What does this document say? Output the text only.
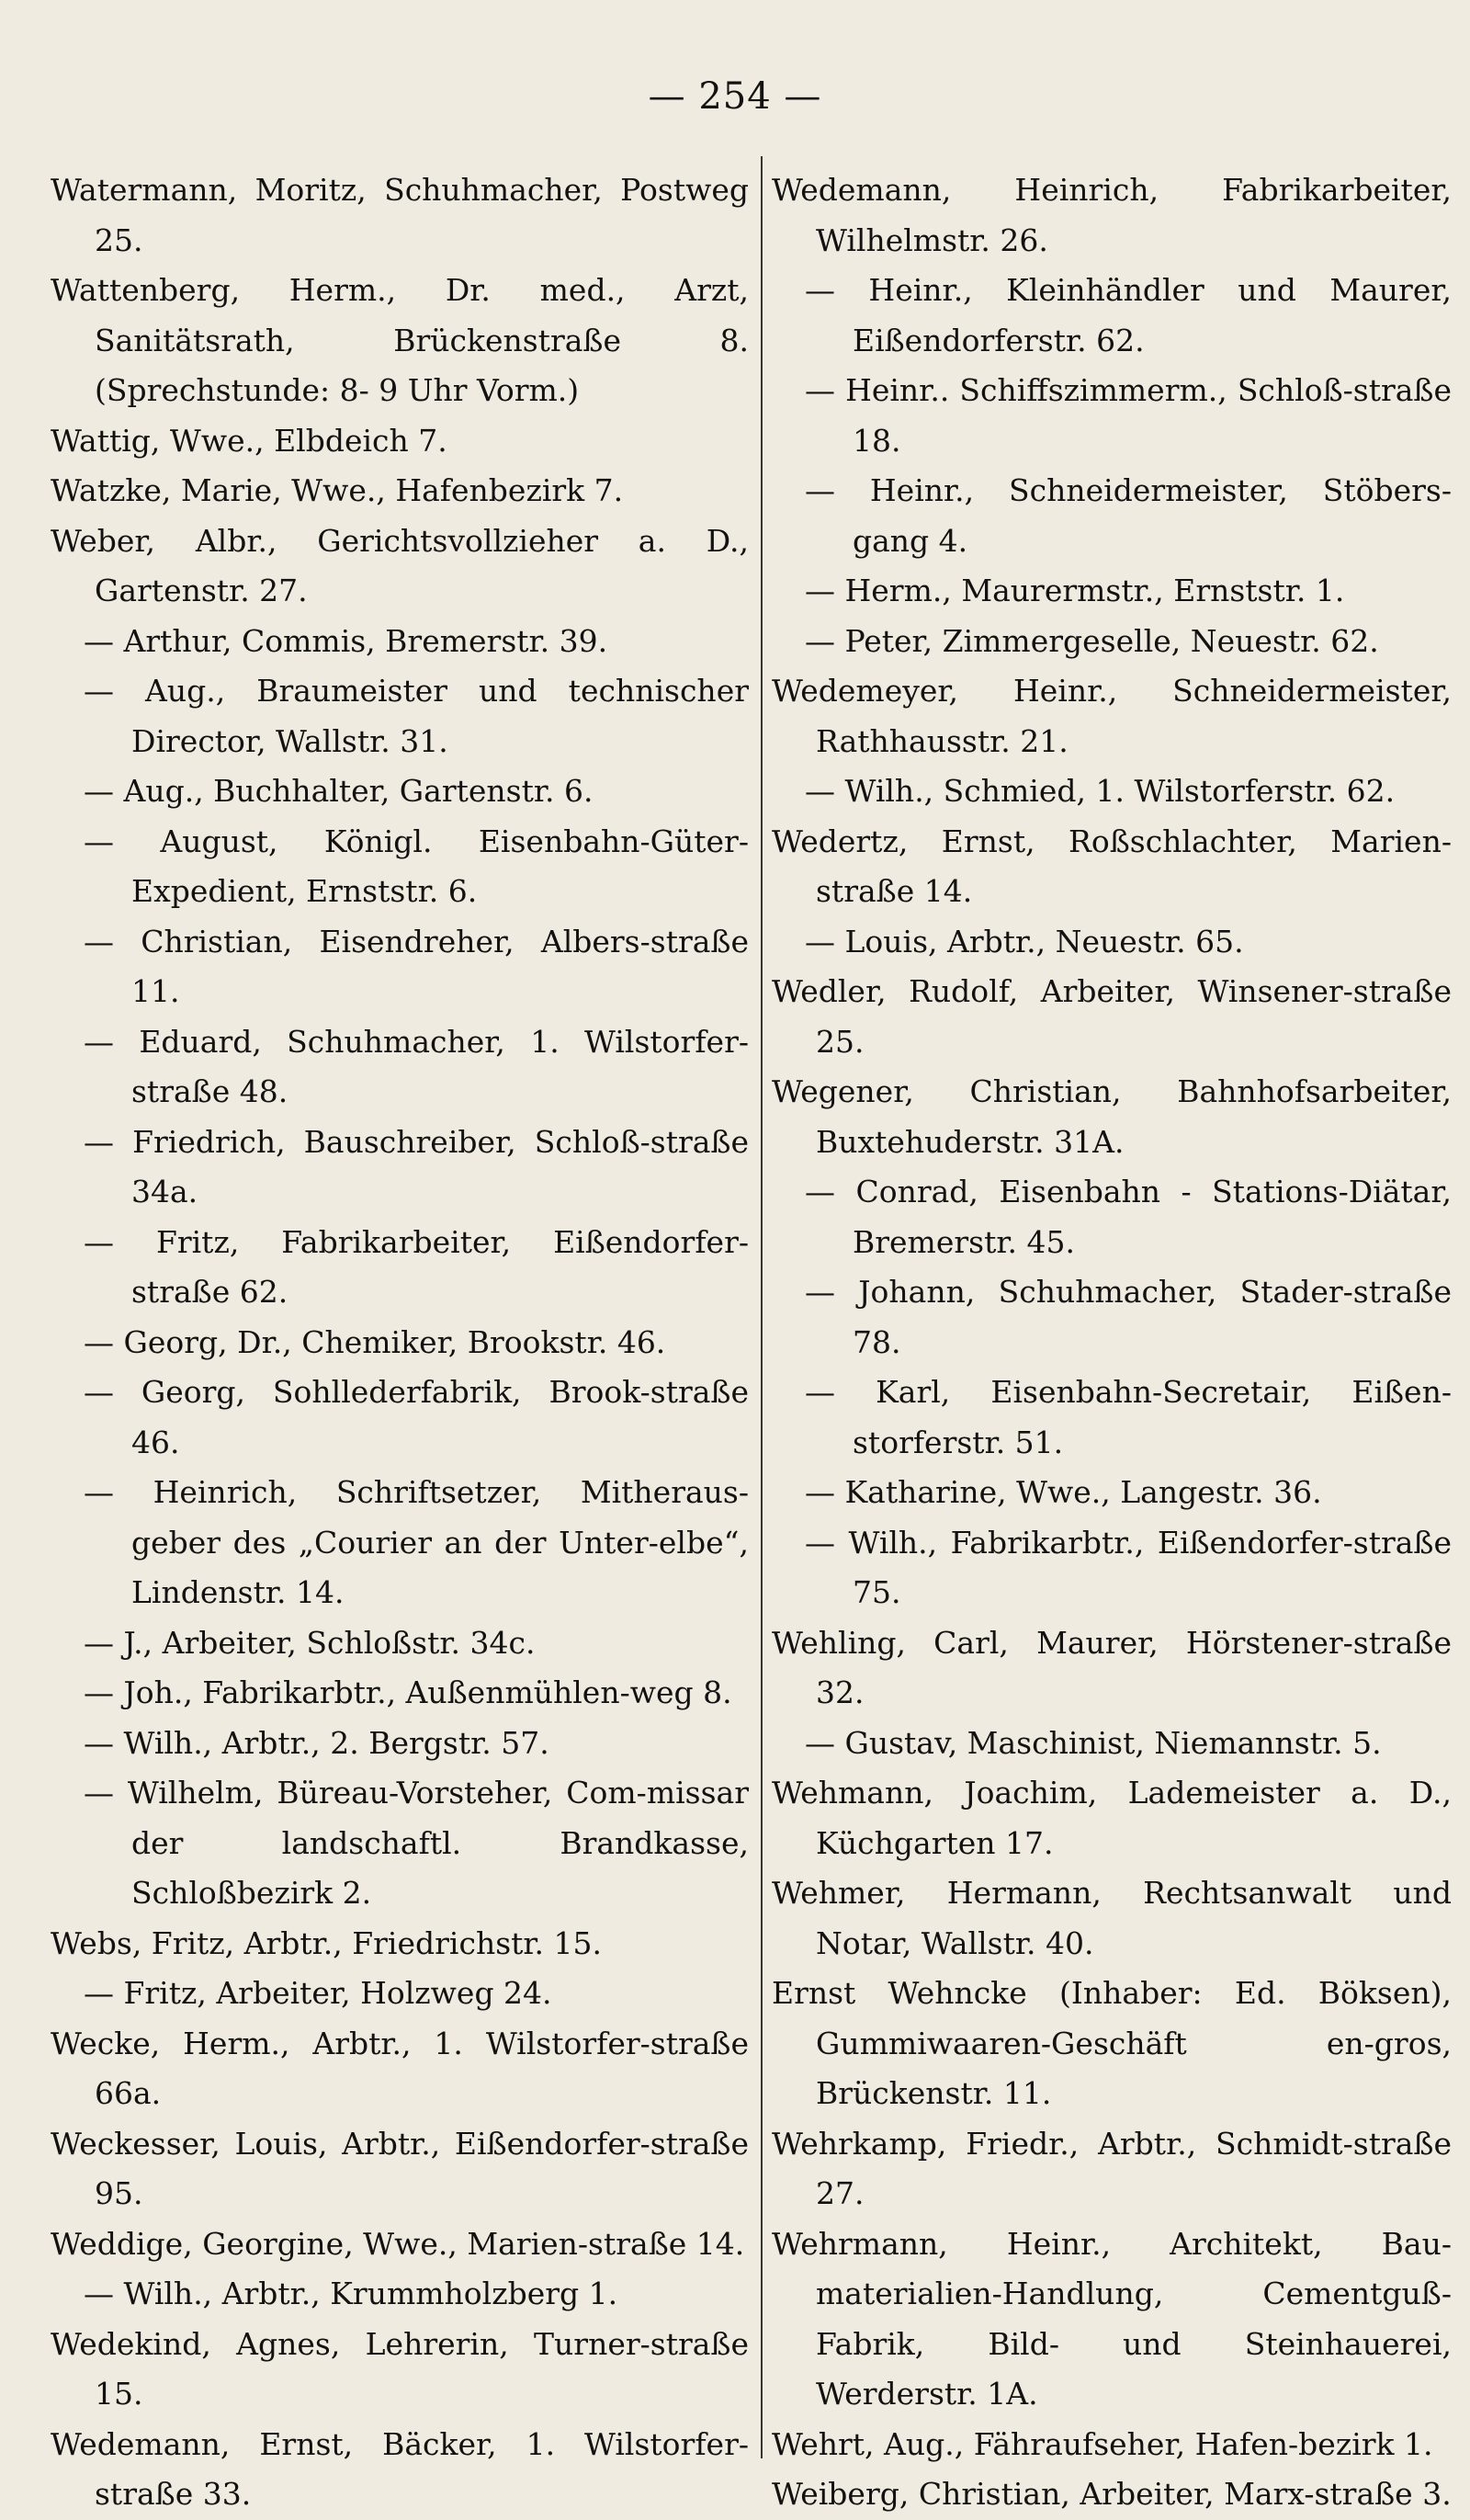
— 254 —
Watermann, Moritz, Schuhmacher, Postweg 25.
Wattenberg, Herm., Dr. med., Arzt, Sanitätsrath, Brückenstraße 8. (Sprechstunde: 8- 9 Uhr Vorm.)
Wattig, Wwe., Elbdeich 7.
Watzke, Marie, Wwe., Hafenbezirk 7.
Weber, Albr., Gerichtsvollzieher a. D., Gartenstr. 27.
— Arthur, Commis, Bremerstr. 39.
— Aug., Braumeister und technischer Director, Wallstr. 31.
— Aug., Buchhalter, Gartenstr. 6.
— August, Königl. Eisenbahn-Güter-Expedient, Ernststr. 6.
— Christian, Eisendreher, Albers-straße 11.
— Eduard, Schuhmacher, 1. Wilstorfer-straße 48.
— Friedrich, Bauschreiber, Schloß-straße 34a.
— Fritz, Fabrikarbeiter, Eißendorfer-straße 62.
— Georg, Dr., Chemiker, Brookstr. 46.
— Georg, Sohllederfabrik, Brook-straße 46.
— Heinrich, Schriftsetzer, Mitheraus-geber des „Courier an der Unter-elbe“, Lindenstr. 14.
— J., Arbeiter, Schloßstr. 34c.
— Joh., Fabrikarbtr., Außenmühlen-weg 8.
— Wilh., Arbtr., 2. Bergstr. 57.
— Wilhelm, Büreau-Vorsteher, Com-missar der landschaftl. Brandkasse, Schloßbezirk 2.
Webs, Fritz, Arbtr., Friedrichstr. 15.
— Fritz, Arbeiter, Holzweg 24.
Wecke, Herm., Arbtr., 1. Wilstorfer-straße 66a.
Weckesser, Louis, Arbtr., Eißendorfer-straße 95.
Weddige, Georgine, Wwe., Marien-straße 14.
— Wilh., Arbtr., Krummholzberg 1.
Wedekind, Agnes, Lehrerin, Turner-straße 15.
Wedemann, Ernst, Bäcker, 1. Wilstorfer-straße 33.
Wedemann, Heinrich, Fabrikarbeiter, Wilhelmstr. 26.
— Heinr., Kleinhändler und Maurer, Eißendorferstr. 62.
— Heinr.. Schiffszimmerm., Schloß-straße 18.
— Heinr., Schneidermeister, Stöbers-gang 4.
— Herm., Maurermstr., Ernststr. 1.
— Peter, Zimmergeselle, Neuestr. 62.
Wedemeyer, Heinr., Schneidermeister, Rathhausstr. 21.
— Wilh., Schmied, 1. Wilstorferstr. 62.
Wedertz, Ernst, Roßschlachter, Marien-straße 14.
— Louis, Arbtr., Neuestr. 65.
Wedler, Rudolf, Arbeiter, Winsener-straße 25.
Wegener, Christian, Bahnhofsarbeiter, Buxtehuderstr. 31A.
— Conrad, Eisenbahn - Stations-Diätar, Bremerstr. 45.
— Johann, Schuhmacher, Stader-straße 78.
— Karl, Eisenbahn-Secretair, Eißen-storferstr. 51.
— Katharine, Wwe., Langestr. 36.
— Wilh., Fabrikarbtr., Eißendorfer-straße 75.
Wehling, Carl, Maurer, Hörstener-straße 32.
— Gustav, Maschinist, Niemannstr. 5.
Wehmann, Joachim, Lademeister a. D., Küchgarten 17.
Wehmer, Hermann, Rechtsanwalt und Notar, Wallstr. 40.
Ernst Wehncke (Inhaber: Ed. Böksen), Gummiwaaren-Geschäft en-gros, Brückenstr. 11.
Wehrkamp, Friedr., Arbtr., Schmidt-straße 27.
Wehrmann, Heinr., Architekt, Bau-materialien-Handlung, Cementguß-Fabrik, Bild- und Steinhauerei, Werderstr. 1A.
Wehrt, Aug., Fähraufseher, Hafen-bezirk 1.
Weiberg, Christian, Arbeiter, Marx-straße 3.
